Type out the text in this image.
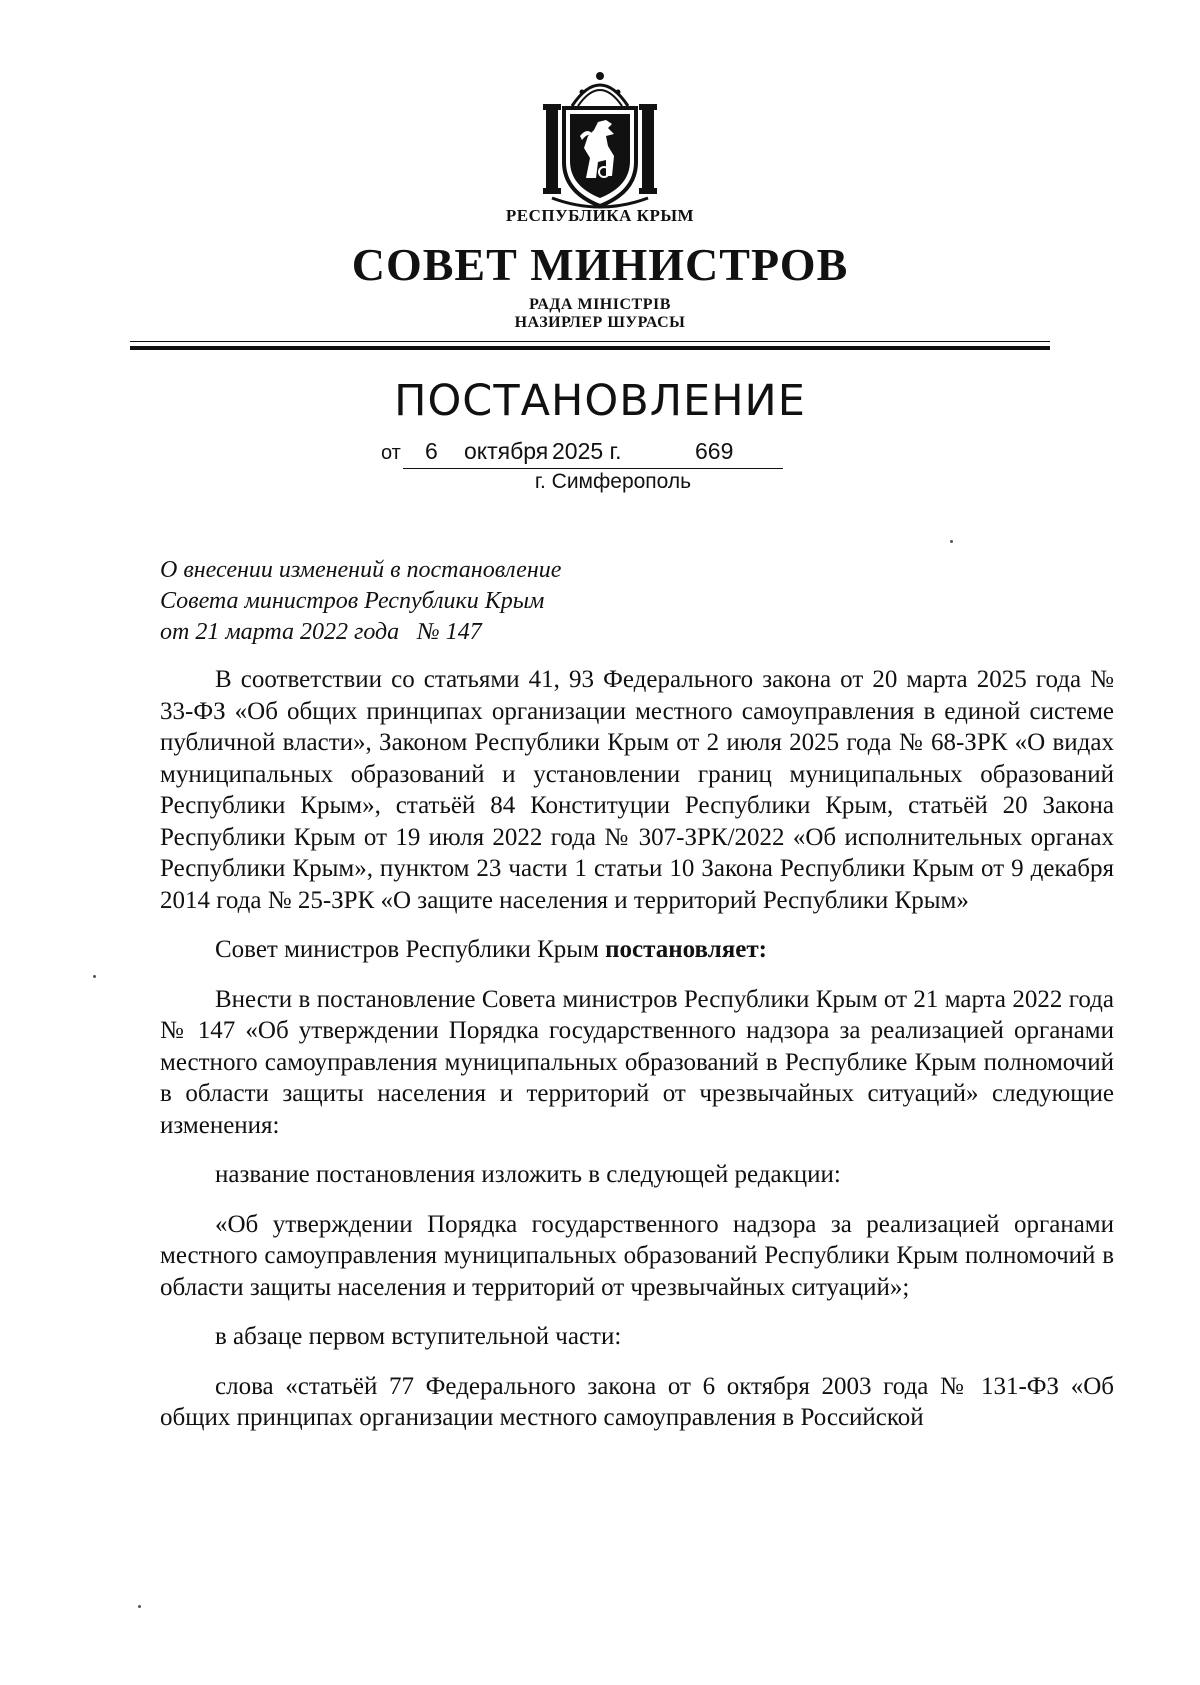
РЕСПУБЛИКА КРЫМ
СОВЕТ МИНИСТРОВ
РАДА МІНІСТРІВ
НАЗИРЛЕР ШУРАСЫ
ПОСТАНОВЛЕНИЕ
от 6 октября 2025 г.	669
г. Симферополь
О внесении изменений в постановление
Совета министров Республики Крым
от 21 марта 2022 года   № 147

В соответствии со статьями 41, 93 Федерального закона от 20 марта 2025 года № 33-ФЗ «Об общих принципах организации местного самоуправления в единой системе публичной власти», Законом Республики Крым от 2 июля 2025 года № 68-ЗРК «О видах муниципальных образований и установлении границ муниципальных образований Республики Крым», статьёй 84 Конституции Республики Крым, статьёй 20 Закона Республики Крым от 19 июля 2022 года № 307-ЗРК/2022 «Об исполнительных органах Республики Крым», пунктом 23 части 1 статьи 10 Закона Республики Крым от 9 декабря 2014 года № 25-ЗРК «О защите населения и территорий Республики Крым»

Совет министров Республики Крым постановляет:

Внести в постановление Совета министров Республики Крым от 21 марта 2022 года № 147 «Об утверждении Порядка государственного надзора за реализацией органами местного самоуправления муниципальных образований в Республике Крым полномочий в области защиты населения и территорий от чрезвычайных ситуаций» следующие изменения:

название постановления изложить в следующей редакции:

«Об утверждении Порядка государственного надзора за реализацией органами местного самоуправления муниципальных образований Республики Крым полномочий в области защиты населения и территорий от чрезвычайных ситуаций»;

в абзаце первом вступительной части:

слова «статьёй 77 Федерального закона от 6 октября 2003 года № 131-ФЗ «Об общих принципах организации местного самоуправления в Российской
